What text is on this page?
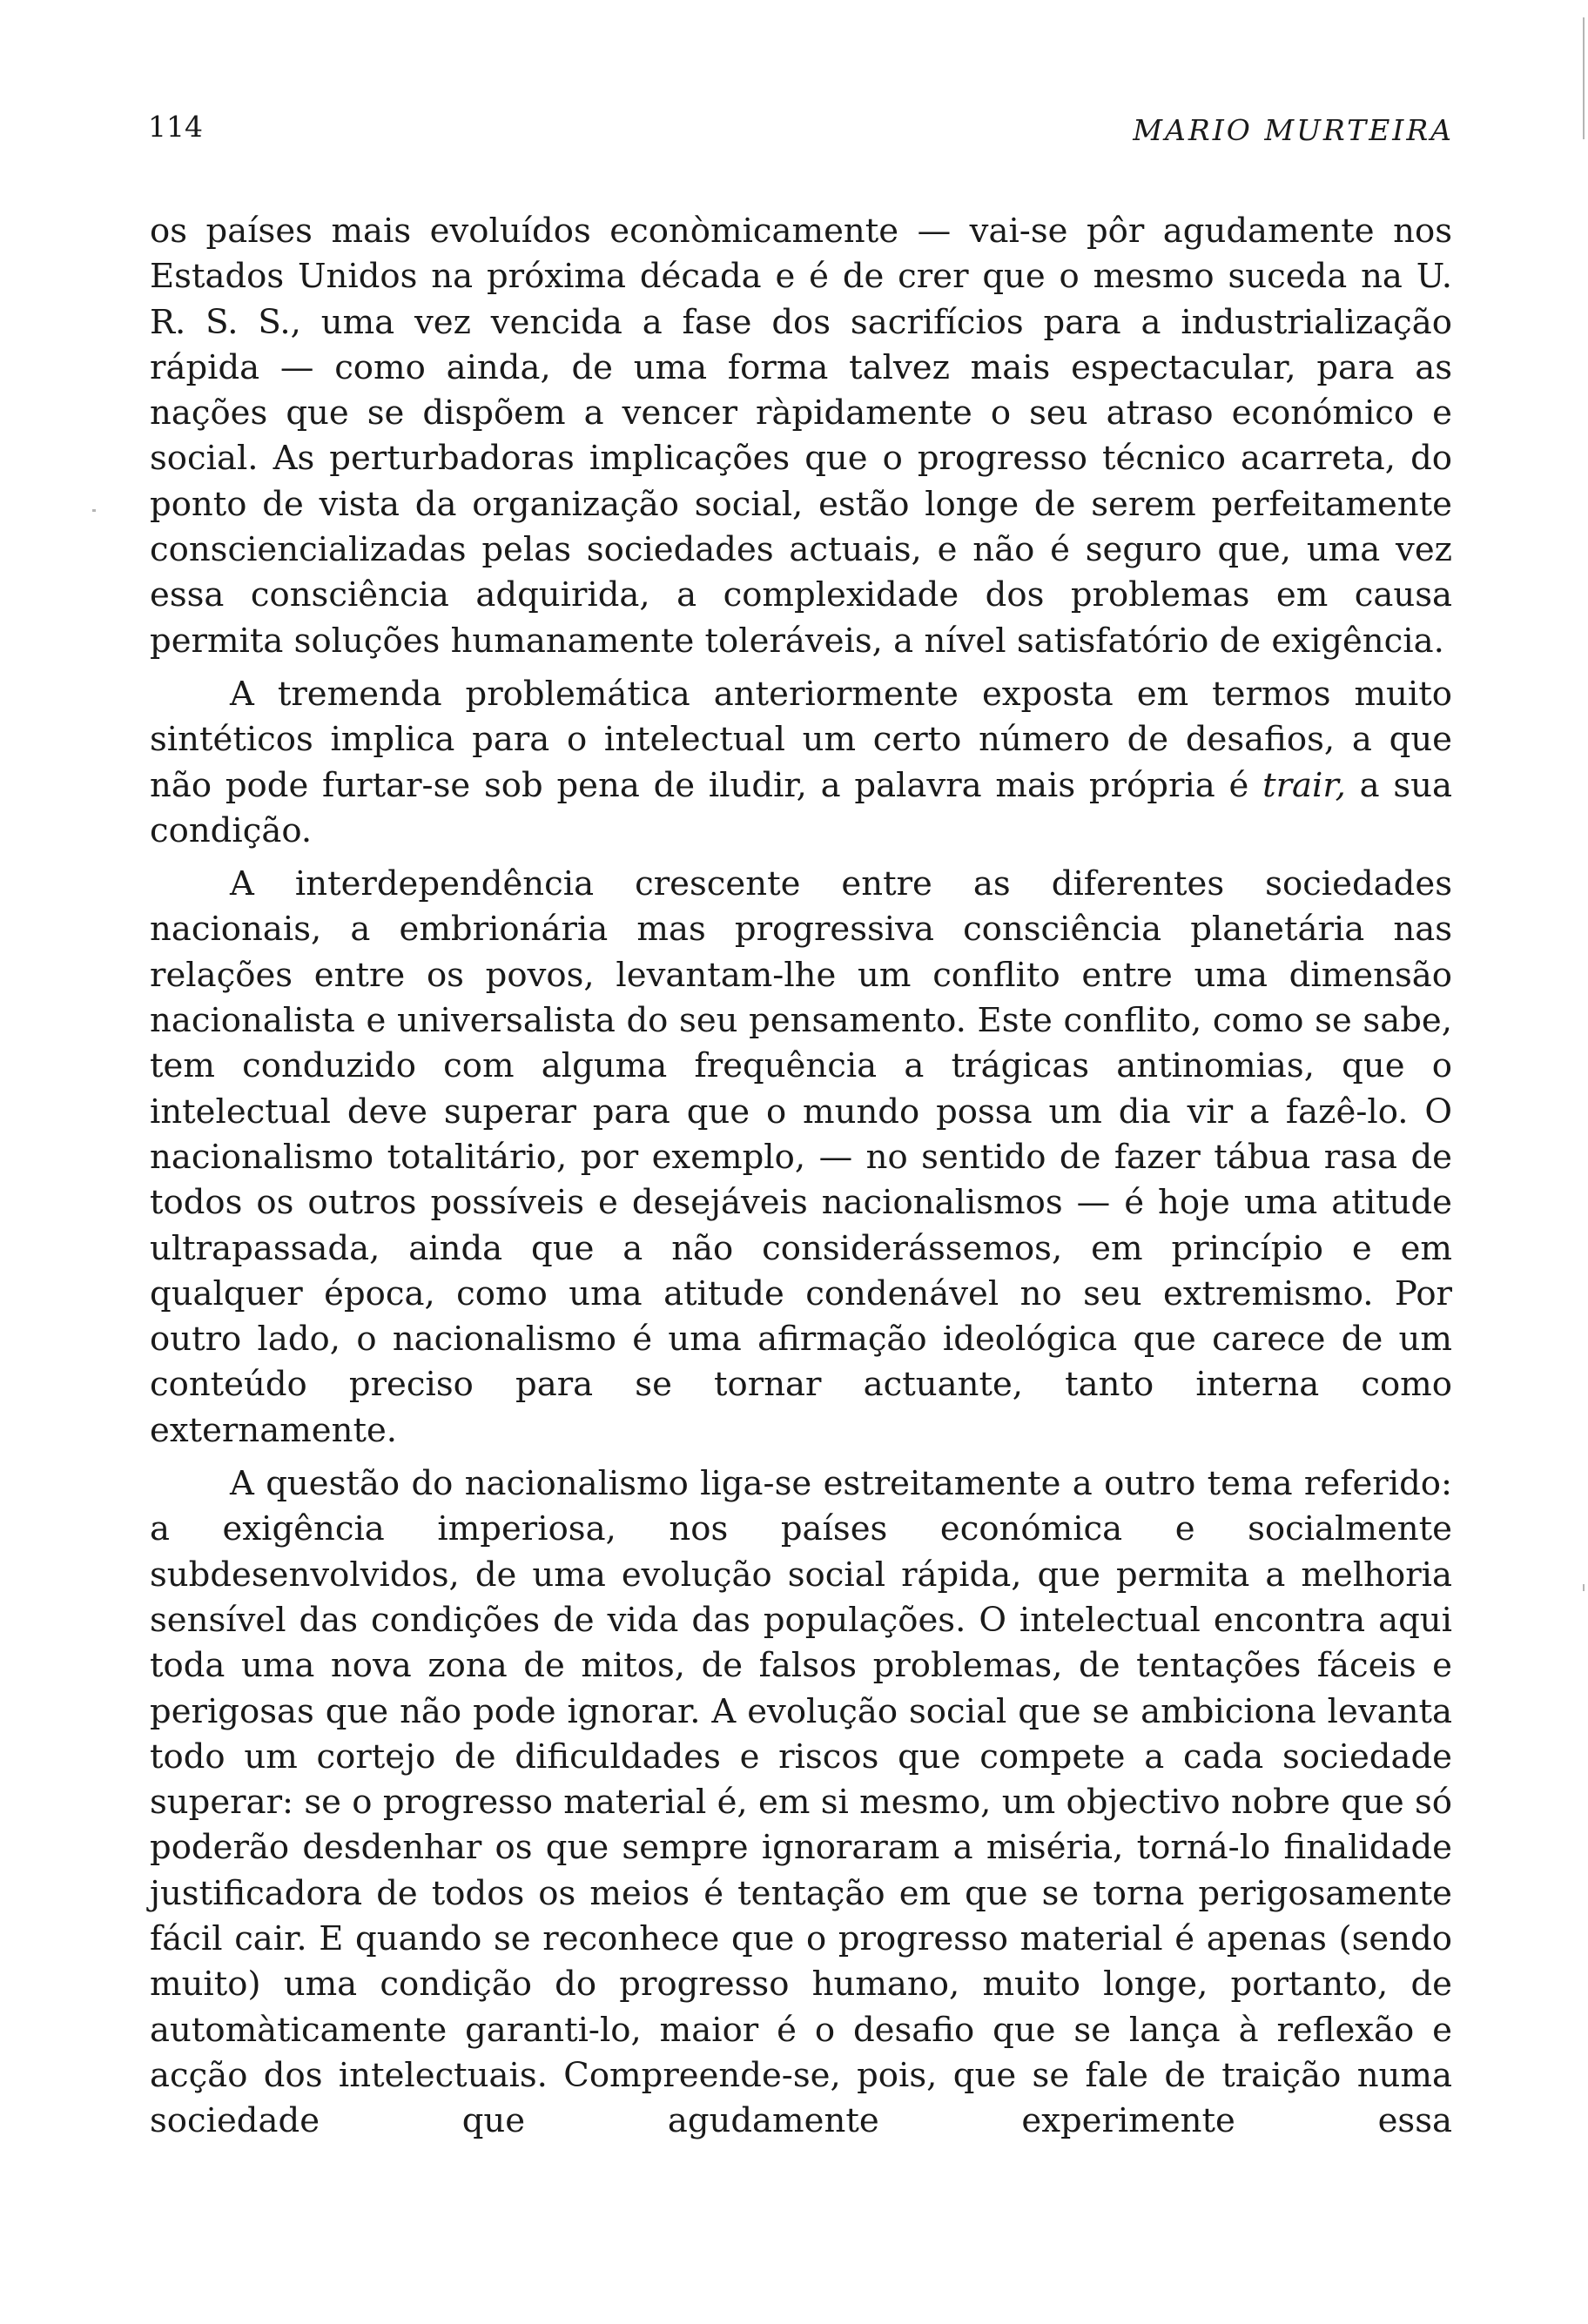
114	MARIO MURTEIRA

os países mais evoluídos econòmicamente — vai-se pôr agudamente nos Estados Unidos na próxima década e é de crer que o mesmo suceda na U. R. S. S., uma vez vencida a fase dos sacrifícios para a industrialização rápida — como ainda, de uma forma talvez mais espectacular, para as nações que se dispõem a vencer ràpidamente o seu atraso económico e social. As perturbadoras implicações que o progresso técnico acarreta, do ponto de vista da organização social, estão longe de serem perfeitamente consciencializadas pelas sociedades actuais, e não é seguro que, uma vez essa consciência adquirida, a complexidade dos problemas em causa permita soluções humanamente toleráveis, a nível satisfatório de exigência.

A tremenda problemática anteriormente exposta em termos muito sintéticos implica para o intelectual um certo número de desafios, a que não pode furtar-se sob pena de iludir, a palavra mais própria é trair, a sua condição.

A interdependência crescente entre as diferentes sociedades nacionais, a embrionária mas progressiva consciência planetária nas relações entre os povos, levantam-lhe um conflito entre uma dimensão nacionalista e universalista do seu pensamento. Este conflito, como se sabe, tem conduzido com alguma frequência a trágicas antinomias, que o intelectual deve superar para que o mundo possa um dia vir a fazê-lo. O nacionalismo totalitário, por exemplo, — no sentido de fazer tábua rasa de todos os outros possíveis e desejáveis nacionalismos — é hoje uma atitude ultrapassada, ainda que a não considerássemos, em princípio e em qualquer época, como uma atitude condenável no seu extremismo. Por outro lado, o nacionalismo é uma afirmação ideológica que carece de um conteúdo preciso para se tornar actuante, tanto interna como externamente.

A questão do nacionalismo liga-se estreitamente a outro tema referido: a exigência imperiosa, nos países económica e socialmente subdesenvolvidos, de uma evolução social rápida, que permita a melhoria sensível das condições de vida das populações. O intelectual encontra aqui toda uma nova zona de mitos, de falsos problemas, de tentações fáceis e perigosas que não pode ignorar. A evolução social que se ambiciona levanta todo um cortejo de dificuldades e riscos que compete a cada sociedade superar: se o progresso material é, em si mesmo, um objectivo nobre que só poderão desdenhar os que sempre ignoraram a miséria, torná-lo finalidade justificadora de todos os meios é tentação em que se torna perigosamente fácil cair. E quando se reconhece que o progresso material é apenas (sendo muito) uma condição do progresso humano, muito longe, portanto, de automàticamente garanti-lo, maior é o desafio que se lança à reflexão e acção dos intelectuais. Compreende-se, pois, que se fale de traição numa sociedade que agudamente experimente essa
